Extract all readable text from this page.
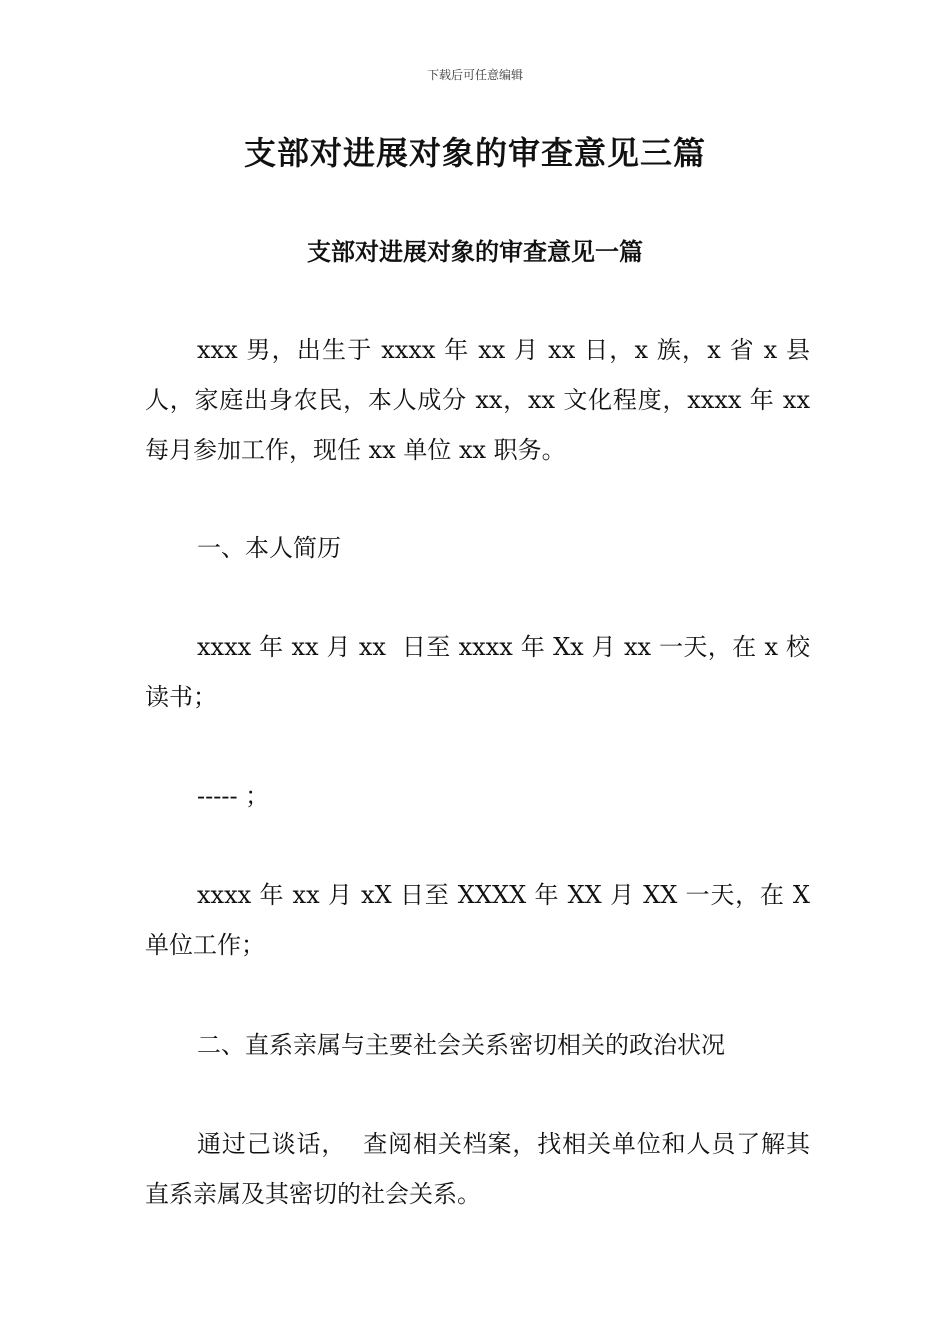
下载后可任意编辑
支部对进展对象的审查意见三篇
支部对进展对象的审查意见一篇

xxx 男，出生于 xxxx 年 xx 月 xx 日，x 族，x 省 x 县人，家庭出身农民，本人成分 xx，xx 文化程度，xxxx 年 xx 每月参加工作，现任 xx 单位 xx 职务。

一、本人简历

xxxx 年 xx 月 xx  日至 xxxx 年 Xx 月 xx 一天，在 x 校读书；

----- ；

xxxx 年 xx 月 xX 日至 XXXX 年 XX 月 XX 一天，在 X 单位工作；

二、直系亲属与主要社会关系密切相关的政治状况

通过己谈话，  查阅相关档案，找相关单位和人员了解其直系亲属及其密切的社会关系。
